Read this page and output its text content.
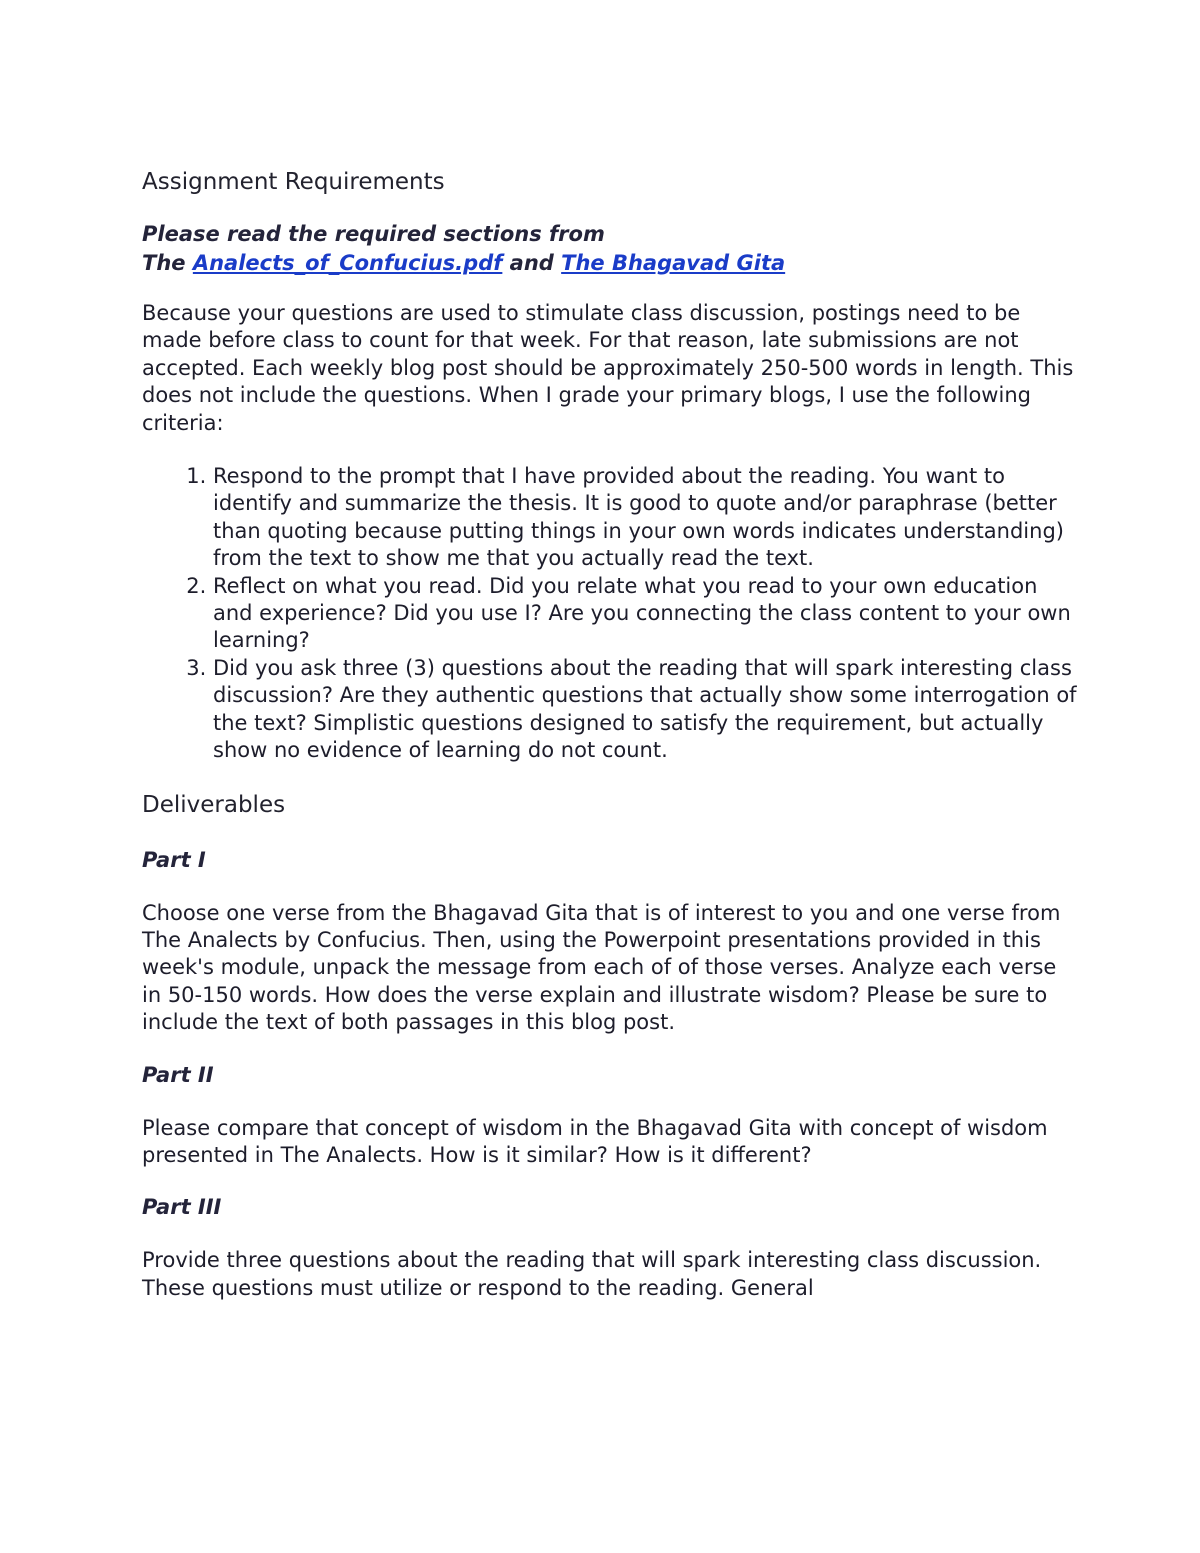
Assignment Requirements
Please read the required sections from
The Analects_of_Confucius.pdf and The Bhagavad Gita

Because your questions are used to stimulate class discussion, postings need to be made before class to count for that week. For that reason, late submissions are not accepted. Each weekly blog post should be approximately 250-500 words in length. This does not include the questions. When I grade your primary blogs, I use the following criteria:

1. Respond to the prompt that I have provided about the reading. You want to identify and summarize the thesis. It is good to quote and/or paraphrase (better than quoting because putting things in your own words indicates understanding) from the text to show me that you actually read the text.
2. Reflect on what you read. Did you relate what you read to your own education and experience? Did you use I? Are you connecting the class content to your own learning?
3. Did you ask three (3) questions about the reading that will spark interesting class discussion? Are they authentic questions that actually show some interrogation of the text? Simplistic questions designed to satisfy the requirement, but actually show no evidence of learning do not count.
Deliverables
Part I

Choose one verse from the Bhagavad Gita that is of interest to you and one verse from The Analects by Confucius. Then, using the Powerpoint presentations provided in this week's module, unpack the message from each of of those verses. Analyze each verse in 50-150 words. How does the verse explain and illustrate wisdom? Please be sure to include the text of both passages in this blog post.

Part II

Please compare that concept of wisdom in the Bhagavad Gita with concept of wisdom presented in The Analects. How is it similar? How is it different?

Part III

Provide three questions about the reading that will spark interesting class discussion. These questions must utilize or respond to the reading. General
